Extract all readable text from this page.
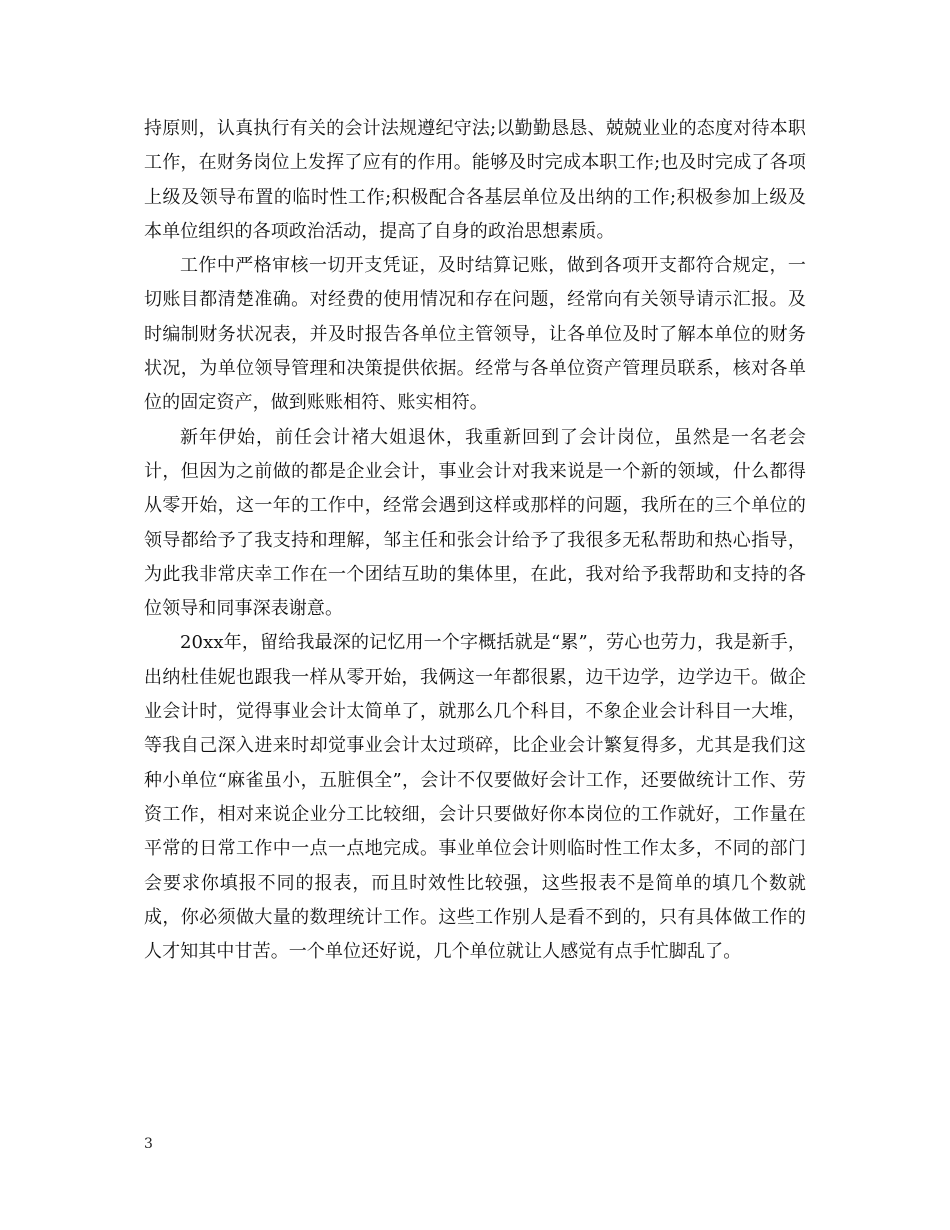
持原则，认真执行有关的会计法规遵纪守法;以勤勤恳恳、兢兢业业的态度对待本职工作，在财务岗位上发挥了应有的作用。能够及时完成本职工作;也及时完成了各项上级及领导布置的临时性工作;积极配合各基层单位及出纳的工作;积极参加上级及本单位组织的各项政治活动，提高了自身的政治思想素质。

工作中严格审核一切开支凭证，及时结算记账，做到各项开支都符合规定，一切账目都清楚准确。对经费的使用情况和存在问题，经常向有关领导请示汇报。及时编制财务状况表，并及时报告各单位主管领导，让各单位及时了解本单位的财务状况，为单位领导管理和决策提供依据。经常与各单位资产管理员联系，核对各单位的固定资产，做到账账相符、账实相符。

新年伊始，前任会计褚大姐退休，我重新回到了会计岗位，虽然是一名老会计，但因为之前做的都是企业会计，事业会计对我来说是一个新的领域，什么都得从零开始，这一年的工作中，经常会遇到这样或那样的问题，我所在的三个单位的领导都给予了我支持和理解，邹主任和张会计给予了我很多无私帮助和热心指导，为此我非常庆幸工作在一个团结互助的集体里，在此，我对给予我帮助和支持的各位领导和同事深表谢意。

20xx年，留给我最深的记忆用一个字概括就是“累”，劳心也劳力，我是新手，出纳杜佳妮也跟我一样从零开始，我俩这一年都很累，边干边学，边学边干。做企业会计时，觉得事业会计太简单了，就那么几个科目，不象企业会计科目一大堆，等我自己深入进来时却觉事业会计太过琐碎，比企业会计繁复得多，尤其是我们这种小单位“麻雀虽小，五脏俱全”，会计不仅要做好会计工作，还要做统计工作、劳资工作，相对来说企业分工比较细，会计只要做好你本岗位的工作就好，工作量在平常的日常工作中一点一点地完成。事业单位会计则临时性工作太多，不同的部门会要求你填报不同的报表，而且时效性比较强，这些报表不是简单的填几个数就成，你必须做大量的数理统计工作。这些工作别人是看不到的，只有具体做工作的人才知其中甘苦。一个单位还好说，几个单位就让人感觉有点手忙脚乱了。

3
